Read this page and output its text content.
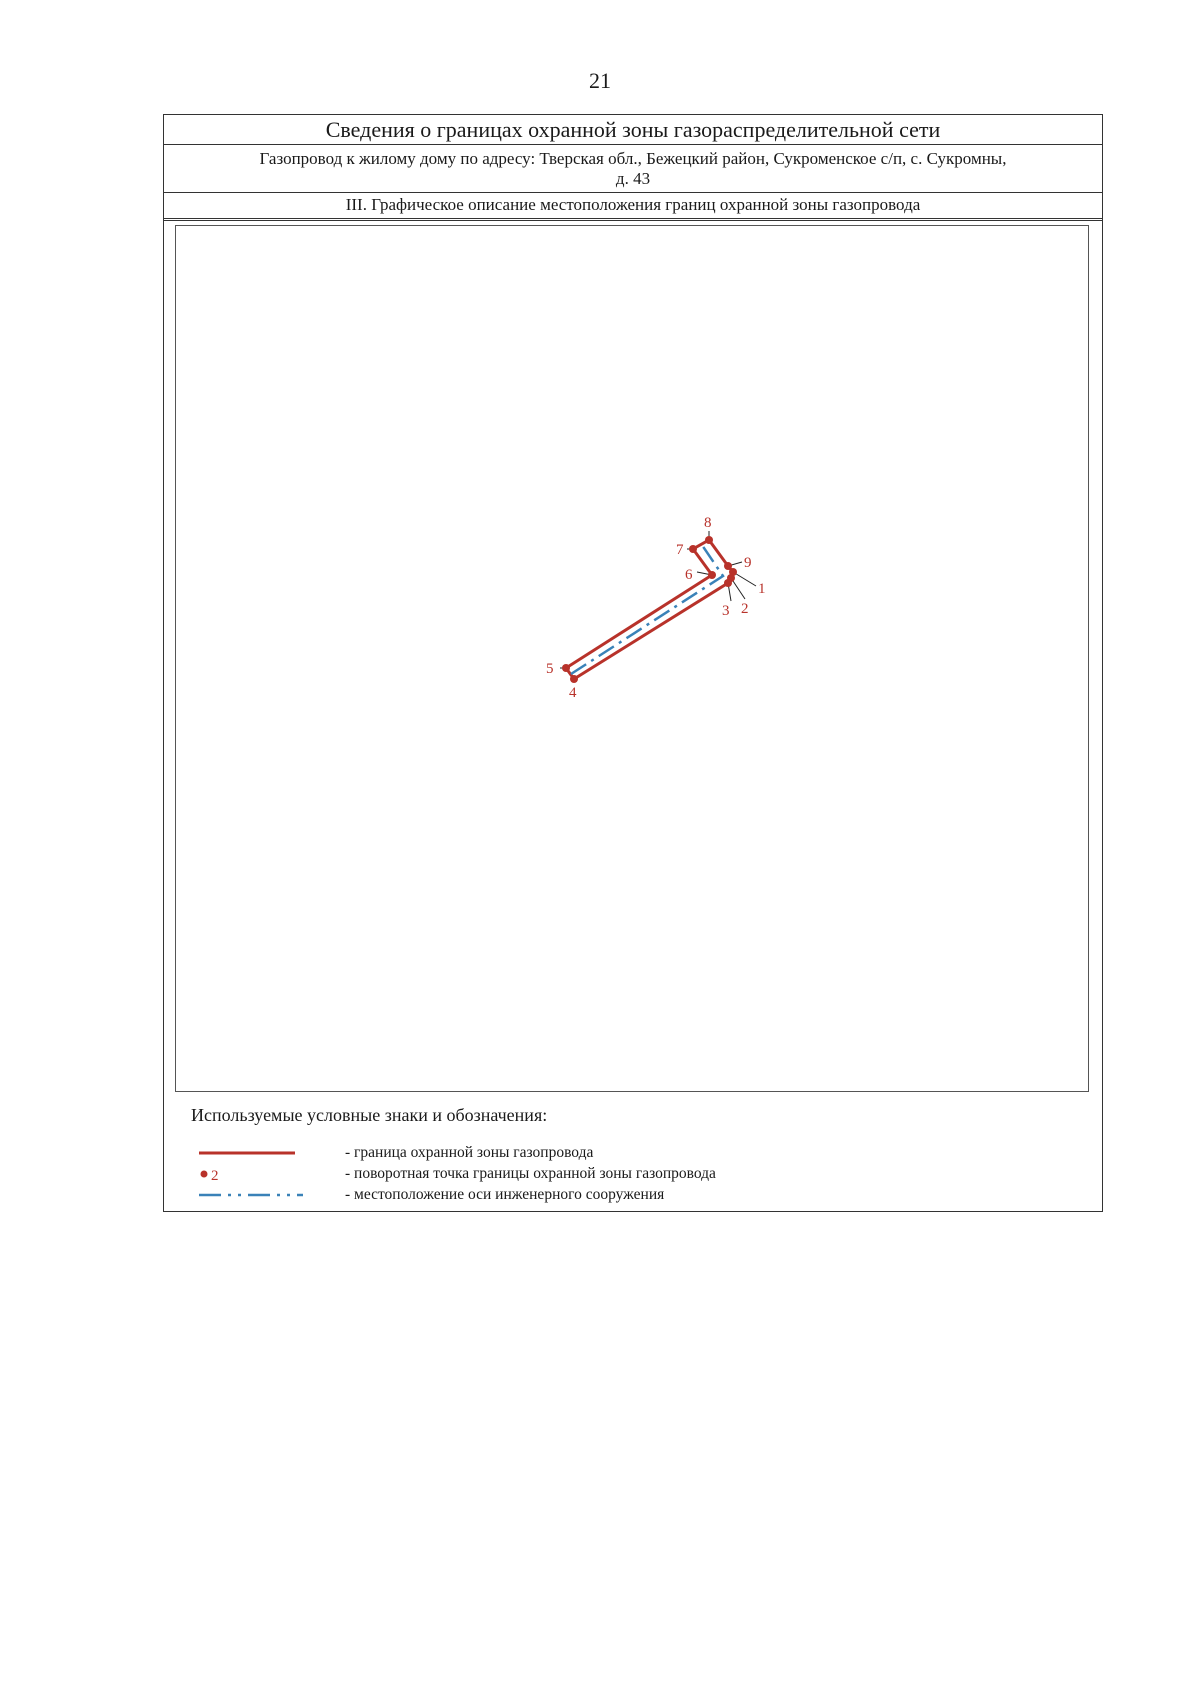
21
Сведения о границах охранной зоны газораспределительной сети
Газопровод к жилому дому по адресу: Тверская обл., Бежецкий район, Сукроменское с/п, с. Сукромны,
д. 43
III. Графическое описание местоположения границ охранной зоны газопровода
1
2
3
4
5
6
7
8
9
Используемые условные знаки и обозначения:
- граница охранной зоны газопровода
2	- поворотная точка границы охранной зоны газопровода
- местоположение оси инженерного сооружения
